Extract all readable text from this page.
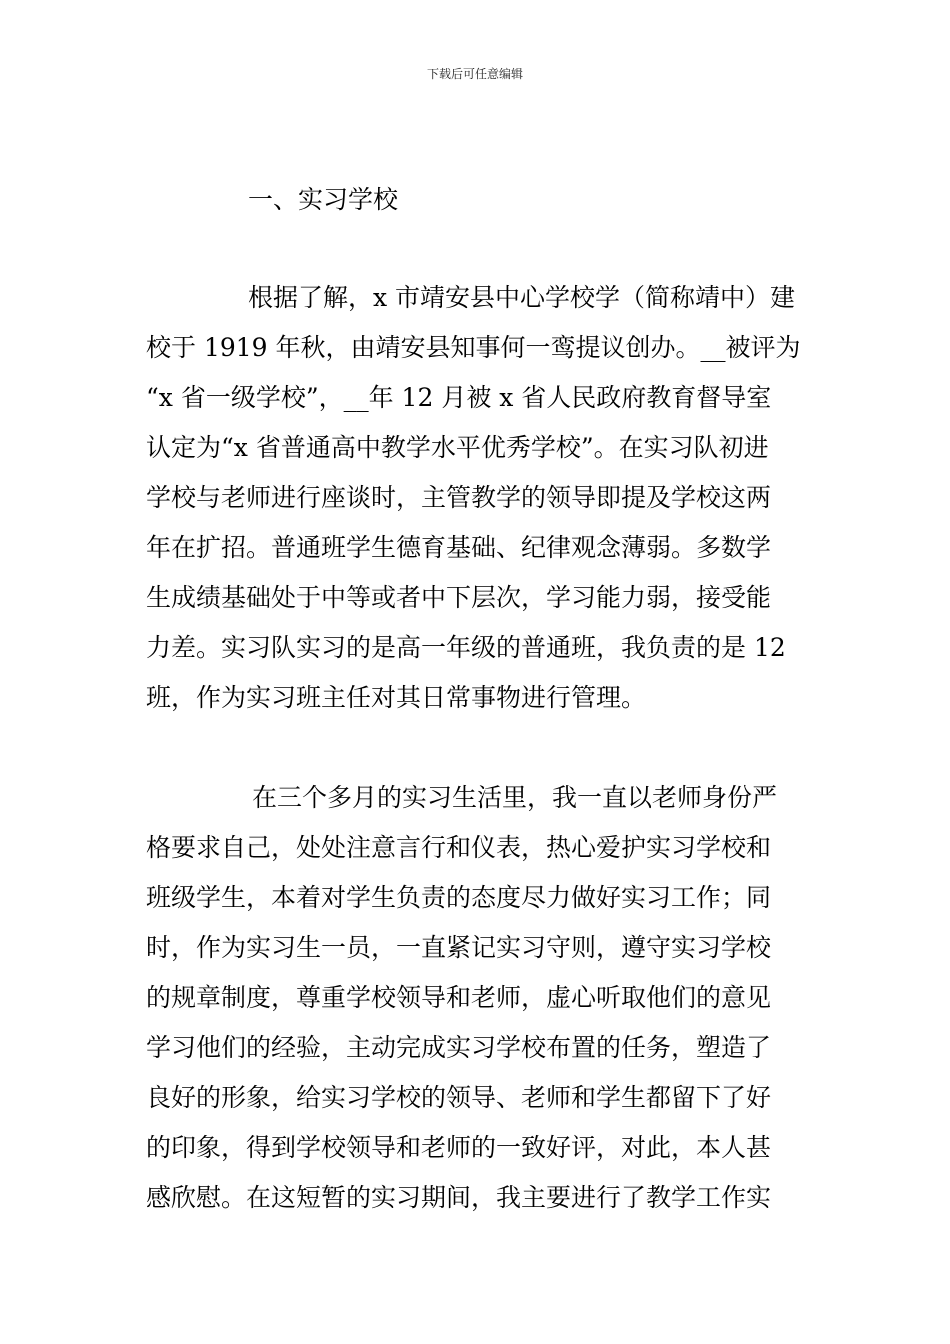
下载后可任意编辑
一、实习学校
根据了解，x 市靖安县中心学校学（简称靖中）建
校于 1919 年秋，由靖安县知事何一鸾提议创办。__被评为
“x 省一级学校”，__年 12 月被 x 省人民政府教育督导室
认定为“x 省普通高中教学水平优秀学校”。在实习队初进
学校与老师进行座谈时，主管教学的领导即提及学校这两
年在扩招。普通班学生德育基础、纪律观念薄弱。多数学
生成绩基础处于中等或者中下层次，学习能力弱，接受能
力差。实习队实习的是高一年级的普通班，我负责的是 12
班，作为实习班主任对其日常事物进行管理。
在三个多月的实习生活里，我一直以老师身份严
格要求自己，处处注意言行和仪表，热心爱护实习学校和
班级学生，本着对学生负责的态度尽力做好实习工作；同
时，作为实习生一员，一直紧记实习守则，遵守实习学校
的规章制度，尊重学校领导和老师，虚心听取他们的意见
学习他们的经验，主动完成实习学校布置的任务，塑造了
良好的形象，给实习学校的领导、老师和学生都留下了好
的印象，得到学校领导和老师的一致好评，对此，本人甚
感欣慰。在这短暂的实习期间，我主要进行了教学工作实
